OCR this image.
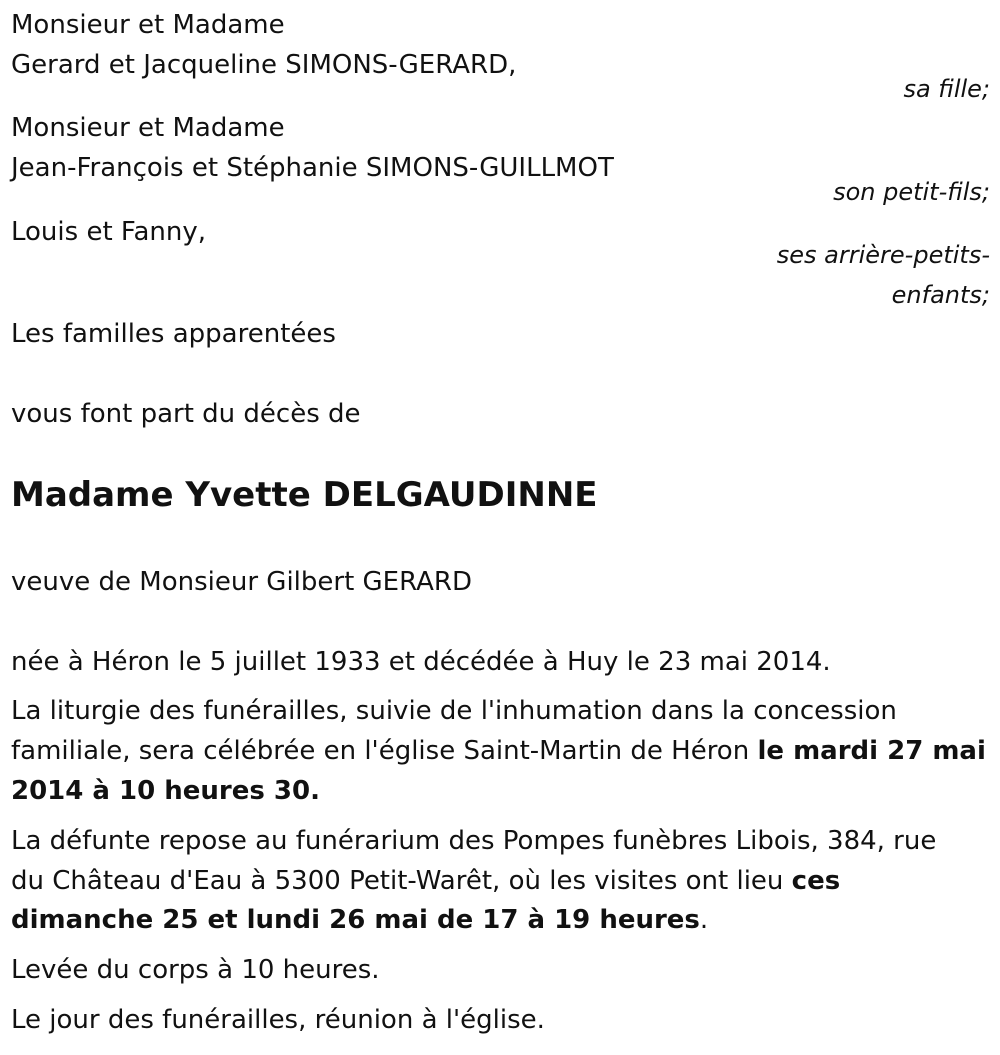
Monsieur et Madame

Gerard et Jacqueline SIMONS-GERARD,

sa fille;

Monsieur et Madame

Jean-François et Stéphanie SIMONS-GUILLMOT

son petit-fils;

Louis et Fanny,

ses arrière-petits-

enfants;

Les familles apparentées

vous font part du décès de

Madame Yvette DELGAUDINNE

veuve de Monsieur Gilbert GERARD

née à Héron le 5 juillet 1933 et décédée à Huy le 23 mai 2014.

La liturgie des funérailles, suivie de l'inhumation dans la concession

familiale, sera célébrée en l'église Saint-Martin de Héron le mardi 27 mai

2014 à 10 heures 30.

La défunte repose au funérarium des Pompes funèbres Libois, 384, rue

du Château d'Eau à 5300 Petit-Warêt, où les visites ont lieu ces

dimanche 25 et lundi 26 mai de 17 à 19 heures.

Levée du corps à 10 heures.

Le jour des funérailles, réunion à l'église.
